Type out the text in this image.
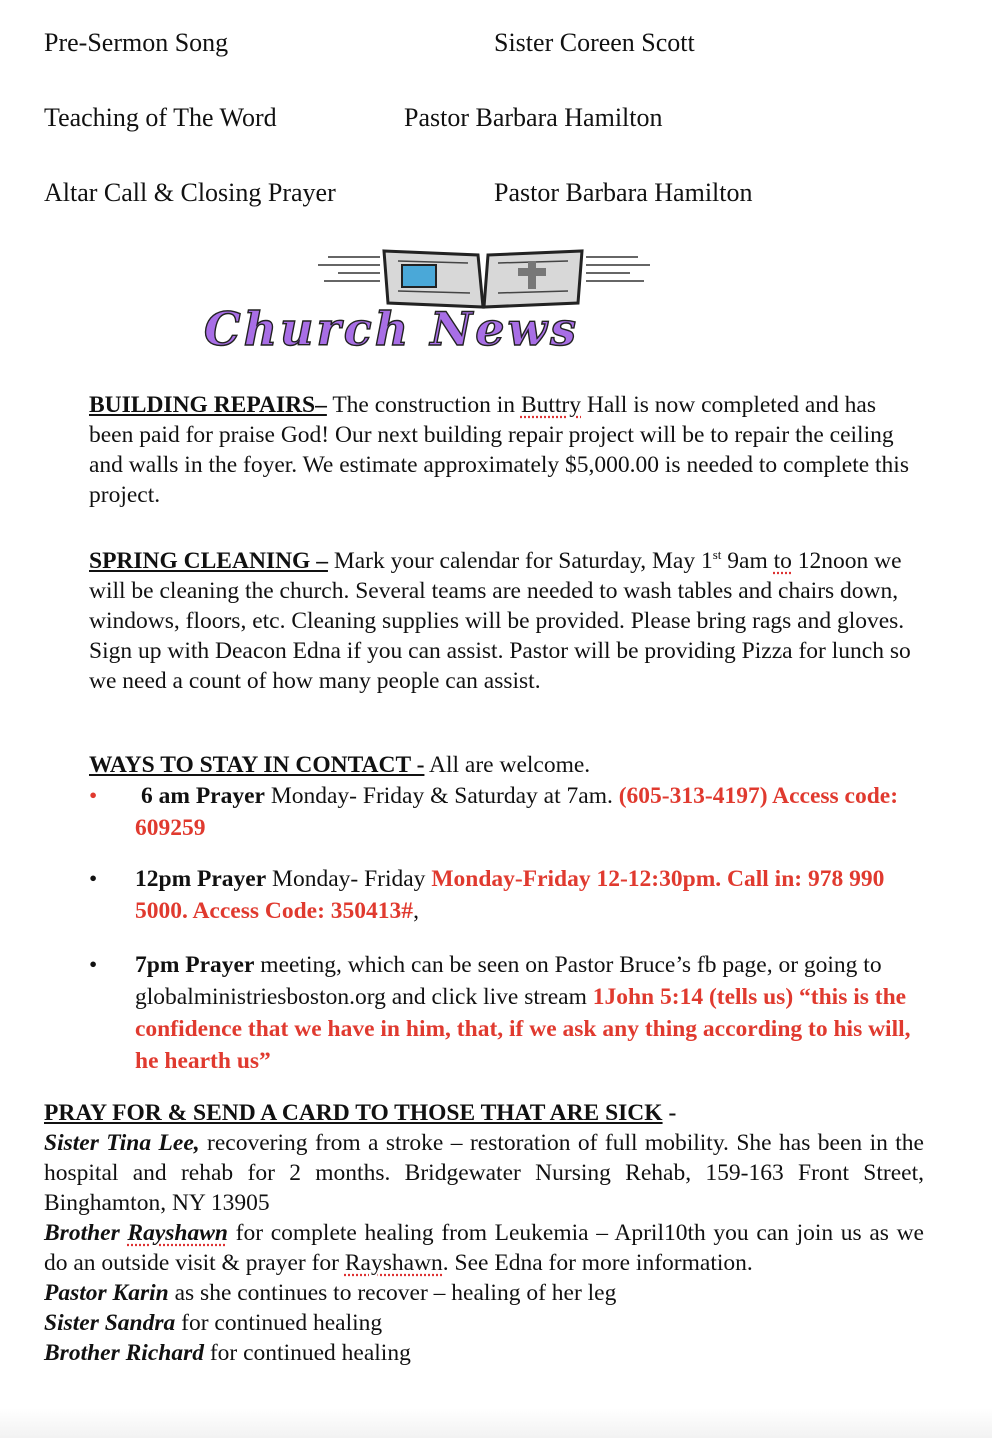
Pre-Sermon Song	Sister Coreen Scott
Teaching of The Word	Pastor Barbara Hamilton
Altar Call & Closing Prayer	Pastor Barbara Hamilton
Church News
BUILDING REPAIRS– The construction in Buttry Hall is now completed and has been paid for praise God! Our next building repair project will be to repair the ceiling and walls in the foyer. We estimate approximately $5,000.00 is needed to complete this project.
SPRING CLEANING – Mark your calendar for Saturday, May 1st 9am to 12noon we will be cleaning the church. Several teams are needed to wash tables and chairs down, windows, floors, etc. Cleaning supplies will be provided. Please bring rags and gloves. Sign up with Deacon Edna if you can assist. Pastor will be providing Pizza for lunch so we need a count of how many people can assist.
WAYS TO STAY IN CONTACT - All are welcome.
•	6 am Prayer Monday- Friday & Saturday at 7am. (605-313-4197) Access code: 609259
•	12pm Prayer Monday- Friday Monday-Friday 12-12:30pm. Call in: 978 990 5000. Access Code: 350413#,
•	7pm Prayer meeting, which can be seen on Pastor Bruce’s fb page, or going to globalministriesboston.org and click live stream 1John 5:14 (tells us) “this is the confidence that we have in him, that, if we ask any thing according to his will, he hearth us”
PRAY FOR & SEND A CARD TO THOSE THAT ARE SICK -
Sister Tina Lee, recovering from a stroke – restoration of full mobility. She has been in the hospital and rehab for 2 months. Bridgewater Nursing Rehab, 159-163 Front Street, Binghamton, NY 13905
Brother Rayshawn for complete healing from Leukemia – April10th you can join us as we do an outside visit & prayer for Rayshawn. See Edna for more information.
Pastor Karin as she continues to recover – healing of her leg
Sister Sandra for continued healing
Brother Richard for continued healing
